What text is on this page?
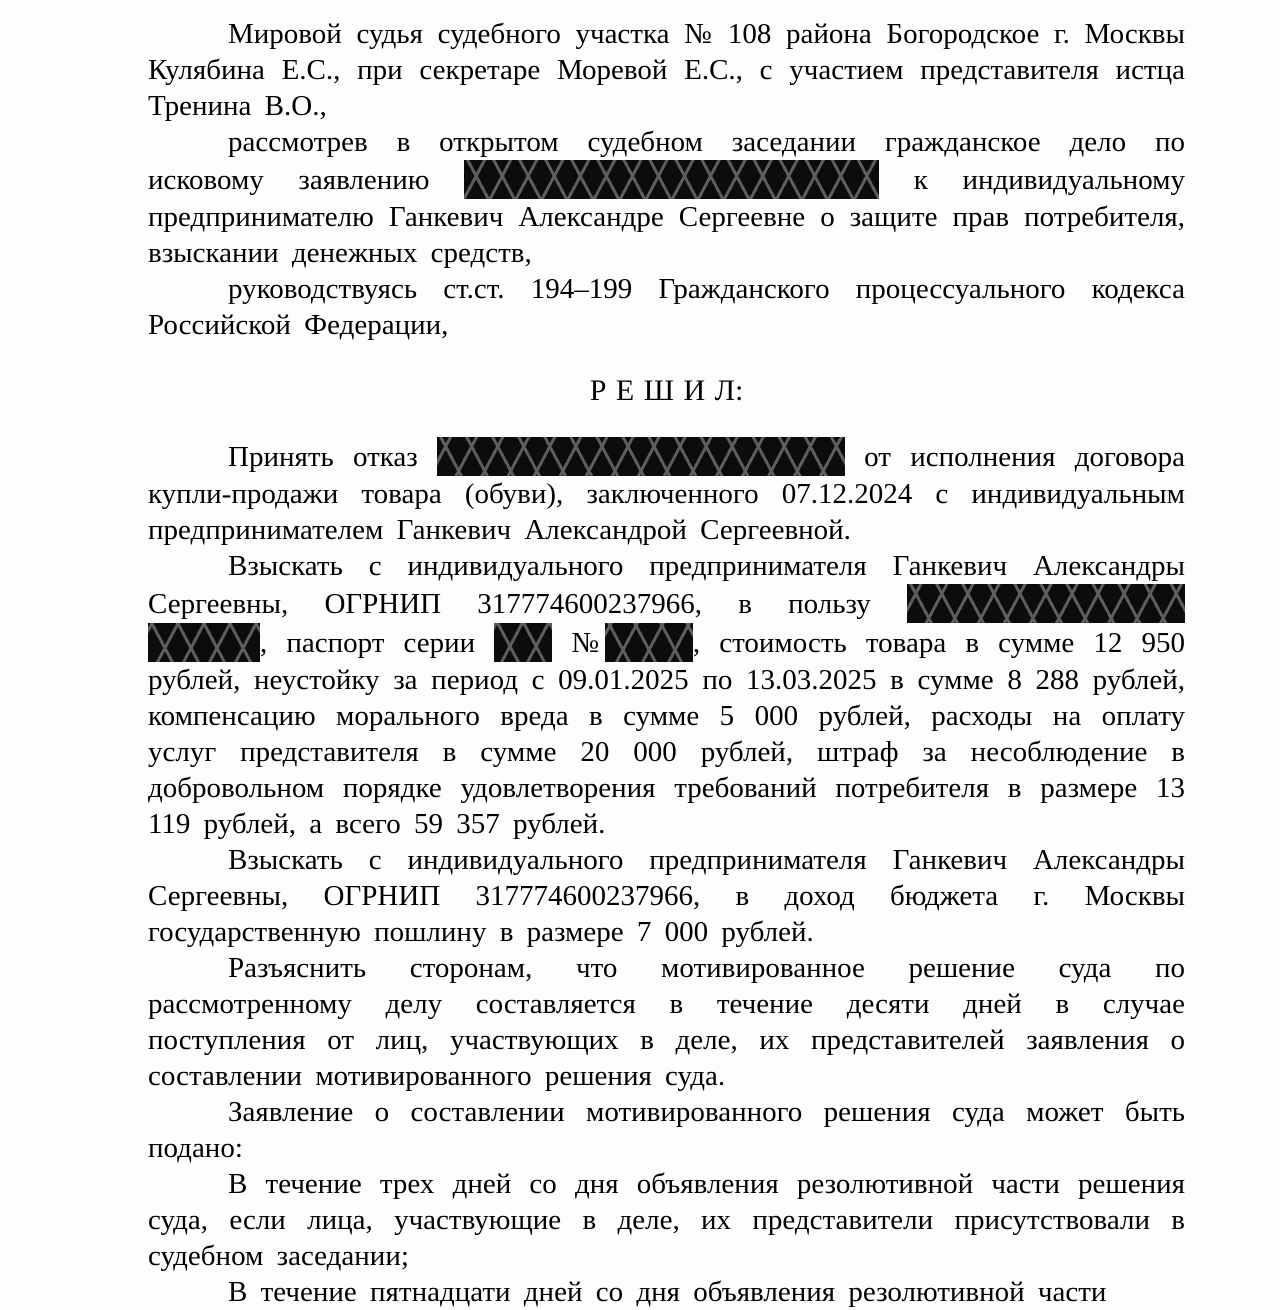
Мировой судья судебного участка № 108 района Богородское г. Москвы Кулябина Е.С., при секретаре Моревой Е.С., с участием представителя истца Тренина В.О.,

рассмотрев в открытом судебном заседании гражданское дело по исковому заявлению	к индивидуальному предпринимателю Ганкевич Александре Сергеевне о защите прав потребителя, взыскании денежных средств,

руководствуясь ст.ст. 194–199 Гражданского процессуального кодекса Российской Федерации,

Р Е Ш И Л:

Принять отказ	от исполнения договора купли-продажи товара (обуви), заключенного 07.12.2024 с индивидуальным предпринимателем Ганкевич Александрой Сергеевной.

Взыскать с индивидуального предпринимателя Ганкевич Александры Сергеевны, ОГРНИП 317774600237966, в пользу  , паспорт серии  №	, стоимость товара в сумме 12 950 рублей, неустойку за период с 09.01.2025 по 13.03.2025 в сумме 8 288 рублей, компенсацию морального вреда в сумме 5 000 рублей, расходы на оплату услуг представителя в сумме 20 000 рублей, штраф за несоблюдение в добровольном порядке удовлетворения требований потребителя в размере 13 119 рублей, а всего 59 357 рублей.

Взыскать с индивидуального предпринимателя Ганкевич Александры Сергеевны, ОГРНИП 317774600237966, в доход бюджета г. Москвы государственную пошлину в размере 7 000 рублей.

Разъяснить сторонам, что мотивированное решение суда по рассмотренному делу составляется в течение десяти дней в случае поступления от лиц, участвующих в деле, их представителей заявления о составлении мотивированного решения суда.

Заявление о составлении мотивированного решения суда может быть подано:

В течение трех дней со дня объявления резолютивной части решения суда, если лица, участвующие в деле, их представители присутствовали в судебном заседании;

В течение пятнадцати дней со дня объявления резолютивной части
